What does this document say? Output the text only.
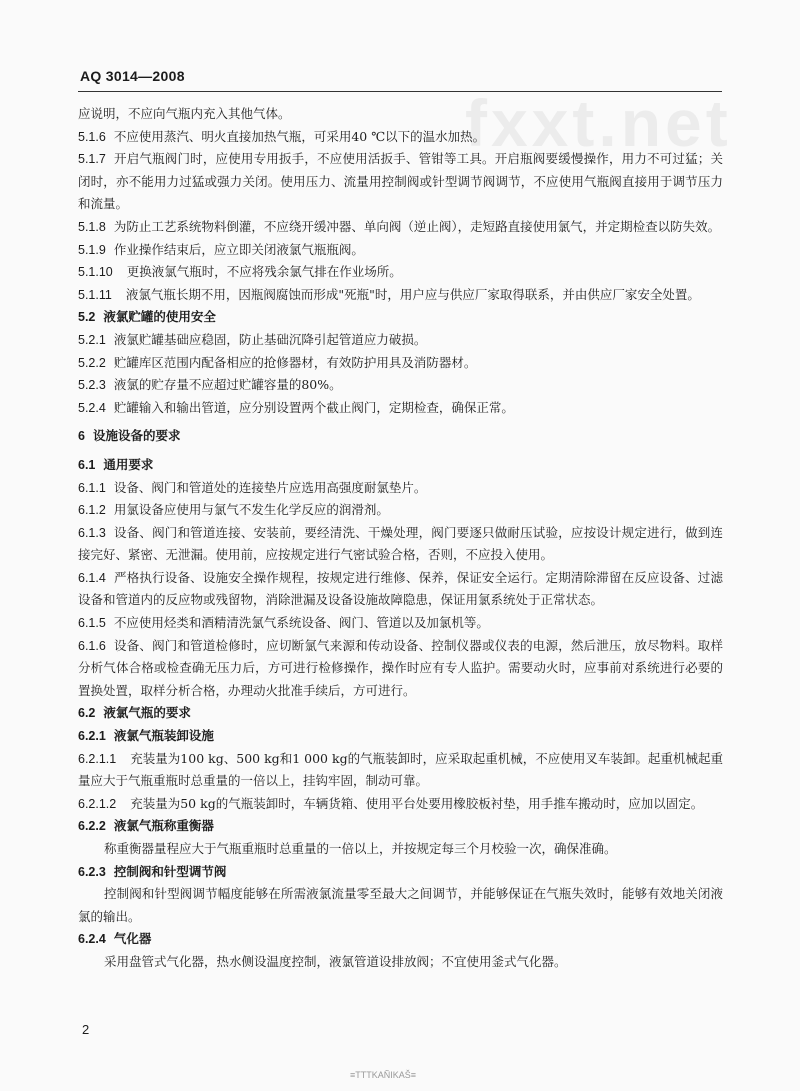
fxxt.net
AQ 3014—2008

应说明，不应向气瓶内充入其他气体。

5.1.6 不应使用蒸汽、明火直接加热气瓶，可采用40 ℃以下的温水加热。

5.1.7 开启气瓶阀门时，应使用专用扳手，不应使用活扳手、管钳等工具。开启瓶阀要缓慢操作，用力不可过猛；关闭时，亦不能用力过猛或强力关闭。使用压力、流量用控制阀或针型调节阀调节，不应使用气瓶阀直接用于调节压力和流量。

5.1.8 为防止工艺系统物料倒灌，不应绕开缓冲器、单向阀（逆止阀），走短路直接使用氯气，并定期检查以防失效。

5.1.9 作业操作结束后，应立即关闭液氯气瓶瓶阀。

5.1.10 更换液氯气瓶时，不应将残余氯气排在作业场所。

5.1.11 液氯气瓶长期不用，因瓶阀腐蚀而形成"死瓶"时，用户应与供应厂家取得联系，并由供应厂家安全处置。

5.2 液氯贮罐的使用安全

5.2.1 液氯贮罐基础应稳固，防止基础沉降引起管道应力破损。

5.2.2 贮罐库区范围内配备相应的抢修器材，有效防护用具及消防器材。

5.2.3 液氯的贮存量不应超过贮罐容量的80%。

5.2.4 贮罐输入和输出管道，应分别设置两个截止阀门，定期检查，确保正常。

6 设施设备的要求

6.1 通用要求

6.1.1 设备、阀门和管道处的连接垫片应选用高强度耐氯垫片。

6.1.2 用氯设备应使用与氯气不发生化学反应的润滑剂。

6.1.3 设备、阀门和管道连接、安装前，要经清洗、干燥处理，阀门要逐只做耐压试验，应按设计规定进行，做到连接完好、紧密、无泄漏。使用前，应按规定进行气密试验合格，否则，不应投入使用。

6.1.4 严格执行设备、设施安全操作规程，按规定进行维修、保养，保证安全运行。定期清除滞留在反应设备、过滤设备和管道内的反应物或残留物，消除泄漏及设备设施故障隐患，保证用氯系统处于正常状态。

6.1.5 不应使用烃类和酒精清洗氯气系统设备、阀门、管道以及加氯机等。

6.1.6 设备、阀门和管道检修时，应切断氯气来源和传动设备、控制仪器或仪表的电源，然后泄压，放尽物料。取样分析气体合格或检查确无压力后，方可进行检修操作，操作时应有专人监护。需要动火时，应事前对系统进行必要的置换处置，取样分析合格，办理动火批准手续后，方可进行。

6.2 液氯气瓶的要求

6.2.1 液氯气瓶装卸设施

6.2.1.1 充装量为100 kg、500 kg和1 000 kg的气瓶装卸时，应采取起重机械，不应使用叉车装卸。起重机械起重量应大于气瓶重瓶时总重量的一倍以上，挂钩牢固，制动可靠。

6.2.1.2 充装量为50 kg的气瓶装卸时，车辆货箱、使用平台处要用橡胶板衬垫，用手推车搬动时，应加以固定。

6.2.2 液氯气瓶称重衡器

称重衡器量程应大于气瓶重瓶时总重量的一倍以上，并按规定每三个月校验一次，确保准确。

6.2.3 控制阀和针型调节阀

控制阀和针型阀调节幅度能够在所需液氯流量零至最大之间调节，并能够保证在气瓶失效时，能够有效地关闭液氯的输出。

6.2.4 气化器

采用盘管式气化器，热水侧设温度控制，液氯管道设排放阀；不宜使用釜式气化器。

2
≡TTTKAÑIKAŠ≡
